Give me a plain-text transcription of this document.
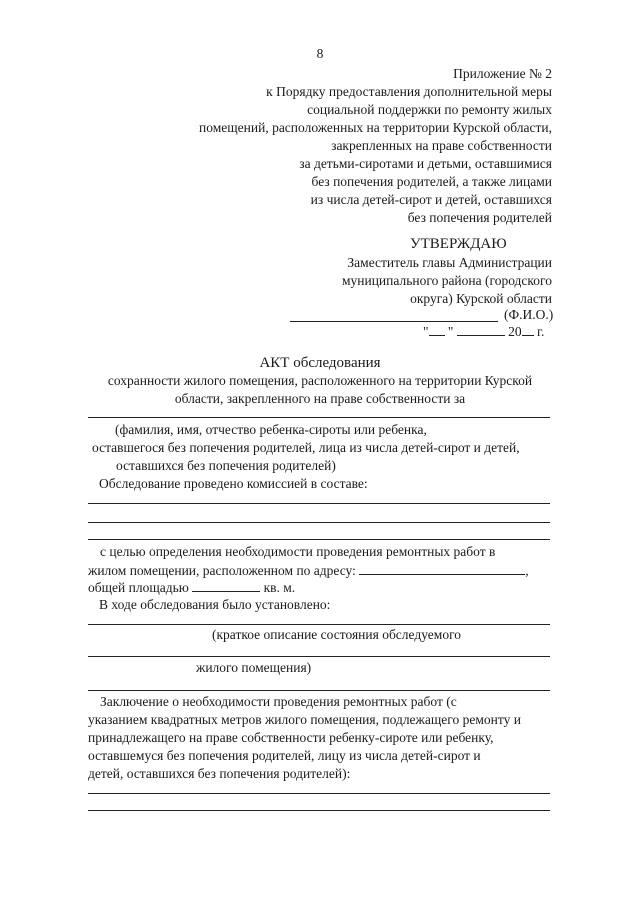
8
Приложение № 2
к Порядку предоставления дополнительной меры
социальной поддержки по ремонту жилых
помещений, расположенных на территории Курской области,
закрепленных на праве собственности
за детьми-сиротами и детьми, оставшимися
без попечения родителей, а также лицами
из числа детей-сирот и детей, оставшихся
без попечения родителей
УТВЕРЖДАЮ
Заместитель главы Администрации
муниципального района (городского
округа) Курской области
(Ф.И.О.)
" "	20 г.
АКТ обследования
сохранности жилого помещения, расположенного на территории Курской
области, закрепленного на праве собственности за
(фамилия, имя, отчество ребенка-сироты или ребенка,
оставшегося без попечения родителей, лица из числа детей-сирот и детей,
оставшихся без попечения родителей)
Обследование проведено комиссией в составе:
с целью определения необходимости проведения ремонтных работ в
жилом помещении, расположенном по адресу:	,
общей площадью	кв. м.
В ходе обследования было установлено:
(краткое описание состояния обследуемого
жилого помещения)
Заключение о необходимости проведения ремонтных работ (с
указанием квадратных метров жилого помещения, подлежащего ремонту и
принадлежащего на праве собственности ребенку-сироте или ребенку,
оставшемуся без попечения родителей, лицу из числа детей-сирот и
детей, оставшихся без попечения родителей):
